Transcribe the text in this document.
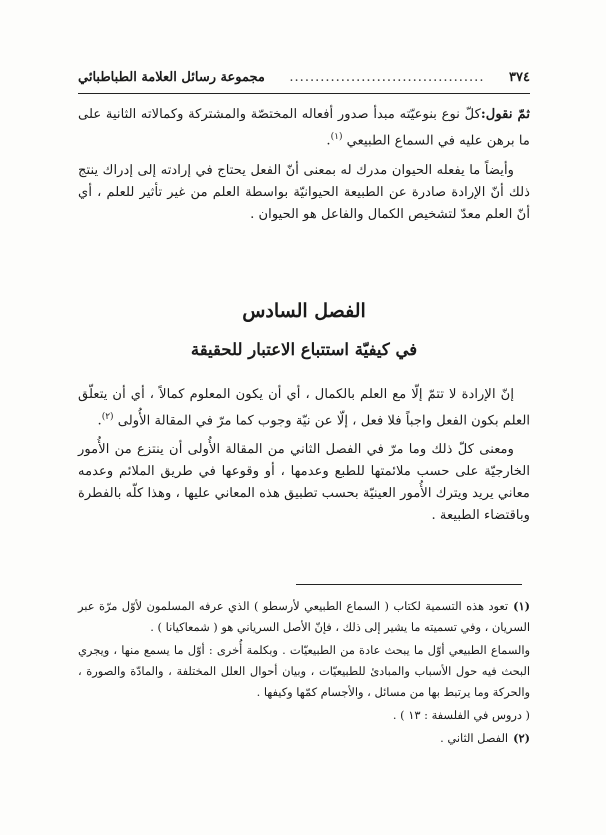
٣٧٤
......................................
مجموعة رسائل العلامة الطباطبائي

ثمّ نقول:كلّ نوع بنوعيّته مبدأ صدور أفعاله المختصّة والمشتركة وكمالاته الثانية على ما برهن عليه في السماع الطبيعي $^{(١)}$.

وأيضاً ما يفعله الحيوان مدرك له بمعنى أنّ الفعل يحتاج في إرادته إلى إدراك ينتج ذلك أنّ الإرادة صادرة عن الطبيعة الحيوانيّة بواسطة العلم من غير تأثير للعلم ، أي أنّ العلم معدّ لتشخيص الكمال والفاعل هو الحيوان .

الفصل السادس
في كيفيّة استتباع الاعتبار للحقيقة

إنّ الإرادة لا تتمّ إلّا مع العلم بالكمال ، أي أن يكون المعلوم كمالاً ، أي أن يتعلّق العلم بكون الفعل واجباً فلا فعل ، إلّا عن نيّة وجوب كما مرّ في المقالة الأُولى $^{(٢)}$.

ومعنى كلّ ذلك وما مرّ في الفصل الثاني من المقالة الأُولى أن ينتزع من الأُمور الخارجيّة على حسب ملائمتها للطبع وعدمها ، أو وقوعها في طريق الملائم وعدمه معاني يريد ويترك الأُمور العينيّة بحسب تطبيق هذه المعاني عليها ، وهذا كلّه بالفطرة وباقتضاء الطبيعة .

(١)تعود هذه التسمية لكتاب ( السماع الطبيعي لأرسطو ) الذي عرفه المسلمون لأوّل مرّة عبر السريان ، وفي تسميته ما يشير إلى ذلك ، فإنّ الأصل السرياني هو ( شمعاكيانا ) .

والسماع الطبيعي أوّل ما يبحث عادة من الطبيعيّات . وبكلمة أُخرى : أوّل ما يسمع منها ، ويجري البحث فيه حول الأسباب والمبادئ للطبيعيّات ، وبيان أحوال العلل المختلفة ، والمادّة والصورة ، والحركة وما يرتبط بها من مسائل ، والأجسام كمّها وكيفها .

( دروس في الفلسفة : ١٣ ) .

(٢)الفصل الثاني .
